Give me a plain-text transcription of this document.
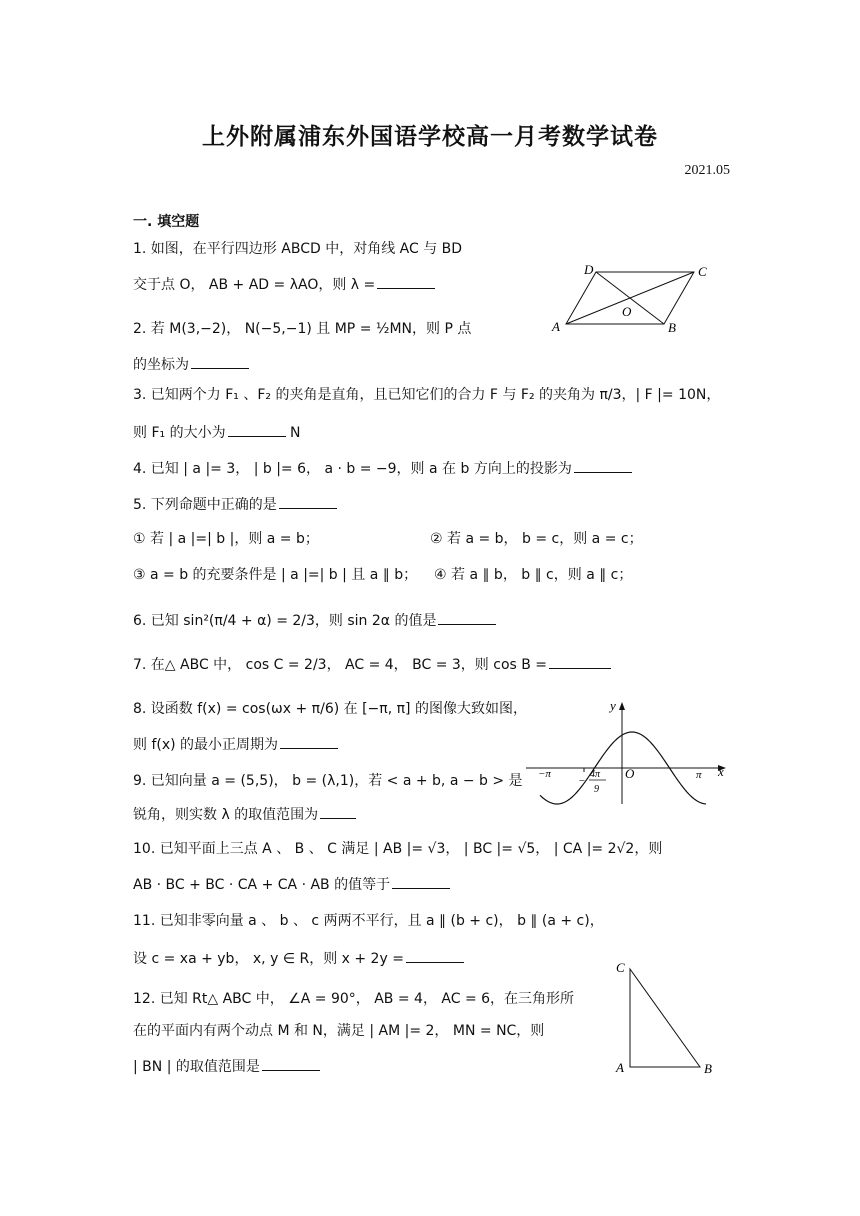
上外附属浦东外国语学校高一月考数学试卷
2021.05
一. 填空题
1. 如图，在平行四边形 ABCD 中，对角线 AC 与 BD
交于点 O， AB + AD = λAO，则 λ =
2. 若 M(3,−2)， N(−5,−1) 且 MP = ½MN，则 P 点
的坐标为
3. 已知两个力 F₁ 、F₂ 的夹角是直角，且已知它们的合力 F 与 F₂ 的夹角为 π/3，| F |= 10N，
则 F₁ 的大小为	N
4. 已知 | a |= 3， | b |= 6， a · b = −9，则 a 在 b 方向上的投影为
5. 下列命题中正确的是
① 若 | a |=| b |，则 a = b；	② 若 a = b， b = c，则 a = c；
③ a = b 的充要条件是 | a |=| b | 且 a ∥ b； ④ 若 a ∥ b， b ∥ c，则 a ∥ c；
6. 已知 sin²(π/4 + α) = 2/3，则 sin 2α 的值是
7. 在△ ABC 中， cos C = 2/3， AC = 4， BC = 3，则 cos B =
8. 设函数 f(x) = cos(ωx + π/6) 在 [−π, π] 的图像大致如图，
则 f(x) 的最小正周期为
9. 已知向量 a = (5,5)， b = (λ,1)，若 < a + b, a − b > 是
锐角，则实数 λ 的取值范围为
10. 已知平面上三点 A 、 B 、 C 满足 | AB |= √3， | BC |= √5， | CA |= 2√2，则
AB · BC + BC · CA + CA · AB 的值等于
11. 已知非零向量 a 、 b 、 c 两两不平行，且 a ∥ (b + c)， b ∥ (a + c)，
设 c = xa + yb， x, y ∈ R，则 x + 2y =
12. 已知 Rt△ ABC 中， ∠A = 90°， AB = 4， AC = 6，在三角形所
在的平面内有两个动点 M 和 N，满足 | AM |= 2， MN = NC，则
| BN | 的取值范围是
A	B
C
D
O
y
x
−π	π
O
4π
9
−
C
A	B
